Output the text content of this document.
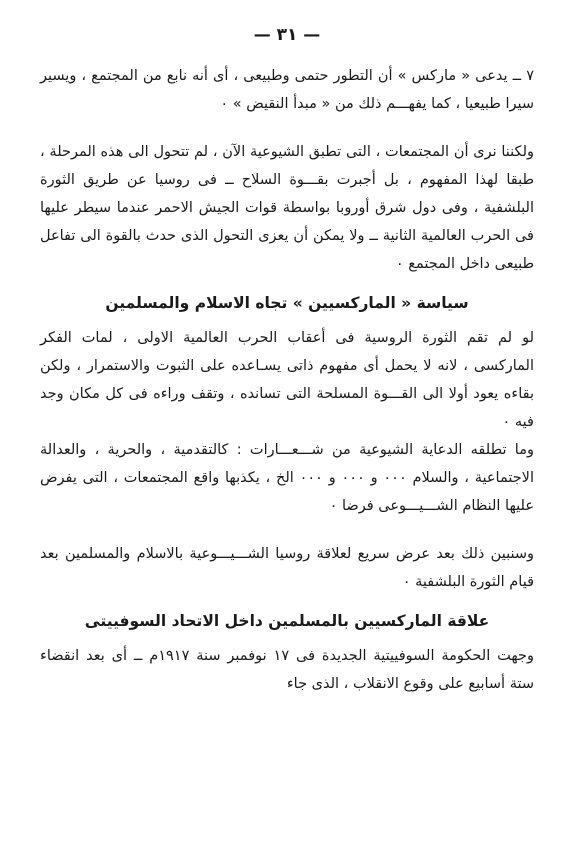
— ٣١ —

٧ ــ يدعى « ماركس » أن التطور حتمى وطبيعى ، أى أنه نابع من المجتمع ، ويسير سيرا طبيعيا ، كما يفهـــم ذلك من « مبدأ النقيض » ٠

ولكننا نرى أن المجتمعات ، التى تطبق الشيوعية الآن ، لم تتحول الى هذه المرحلة ، طبقا لهذا المفهوم ، بل أجبرت بقـــوة السلاح ــ فى روسيا عن طريق الثورة البلشفية ، وفى دول شرق أوروبا بواسطة قوات الجيش الاحمر عندما سيطر عليها فى الحرب العالمية الثانية ــ ولا يمكن أن يعزى التحول الذى حدث بالقوة الى تفاعل طبيعى داخل المجتمع ٠

سياسة « الماركسيين » تجاه الاسلام والمسلمين

لو لم تقم الثورة الروسية فى أعقاب الحرب العالمية الاولى ، لمات الفكر الماركسى ، لانه لا يحمل أى مفهوم ذاتى يسـاعده على الثبوت والاستمرار ، ولكن بقاءه يعود أولا الى القـــوة المسلحة التى تسانده ، وتقف وراءه فى كل مكان وجد فيه ٠

وما تطلقه الدعاية الشيوعية من شـــعـــارات : كالتقدمية ، والحرية ، والعدالة الاجتماعية ، والسلام ٠٠٠ و ٠٠٠ و ٠٠٠ الخ ، يكذبها واقع المجتمعات ، التى يفرض عليها النظام الشـــيـــوعى فرضا ٠

وسنبين ذلك بعد عرض سريع لعلاقة روسيا الشـــيـــوعية بالاسلام والمسلمين بعد قيام الثورة البلشفية ٠

علاقة الماركسيين بالمسلمين داخل الاتحاد السوفييتى

وجهت الحكومة السوفييتية الجديدة فى ١٧ نوفمبر سنة ١٩١٧م ــ أى بعد انقضاء ستة أسابيع على وقوع الانقلاب ، الذى جاء
